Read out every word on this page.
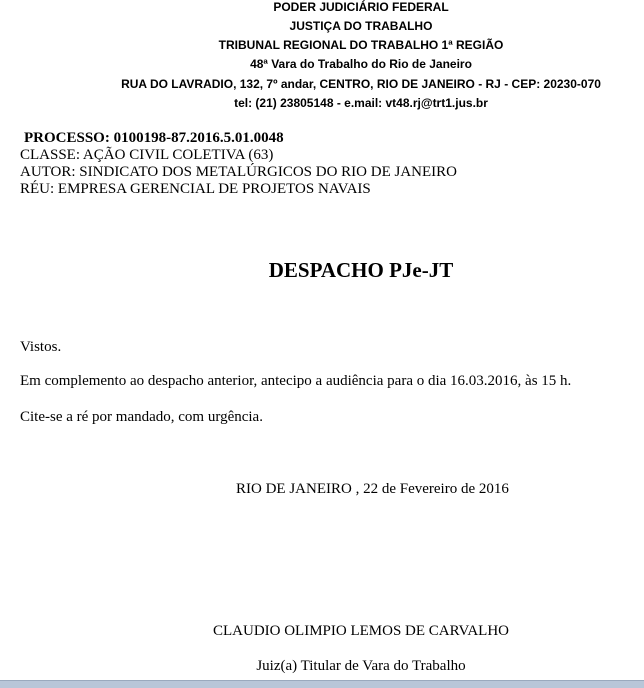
PODER JUDICIÁRIO FEDERAL
JUSTIÇA DO TRABALHO
TRIBUNAL REGIONAL DO TRABALHO 1ª REGIÃO
48ª Vara do Trabalho do Rio de Janeiro
RUA DO LAVRADIO, 132, 7º andar, CENTRO, RIO DE JANEIRO - RJ - CEP: 20230-070
tel: (21) 23805148 - e.mail: vt48.rj@trt1.jus.br
PROCESSO: 0100198-87.2016.5.01.0048
CLASSE: AÇÃO CIVIL COLETIVA (63)
AUTOR: SINDICATO DOS METALÚRGICOS DO RIO DE JANEIRO
RÉU: EMPRESA GERENCIAL DE PROJETOS NAVAIS
DESPACHO PJe-JT
Vistos.
Em complemento ao despacho anterior, antecipo a audiência para o dia 16.03.2016, às 15 h.
Cite-se a ré por mandado, com urgência.
RIO DE JANEIRO , 22 de Fevereiro de 2016
CLAUDIO OLIMPIO LEMOS DE CARVALHO
Juiz(a) Titular de Vara do Trabalho
